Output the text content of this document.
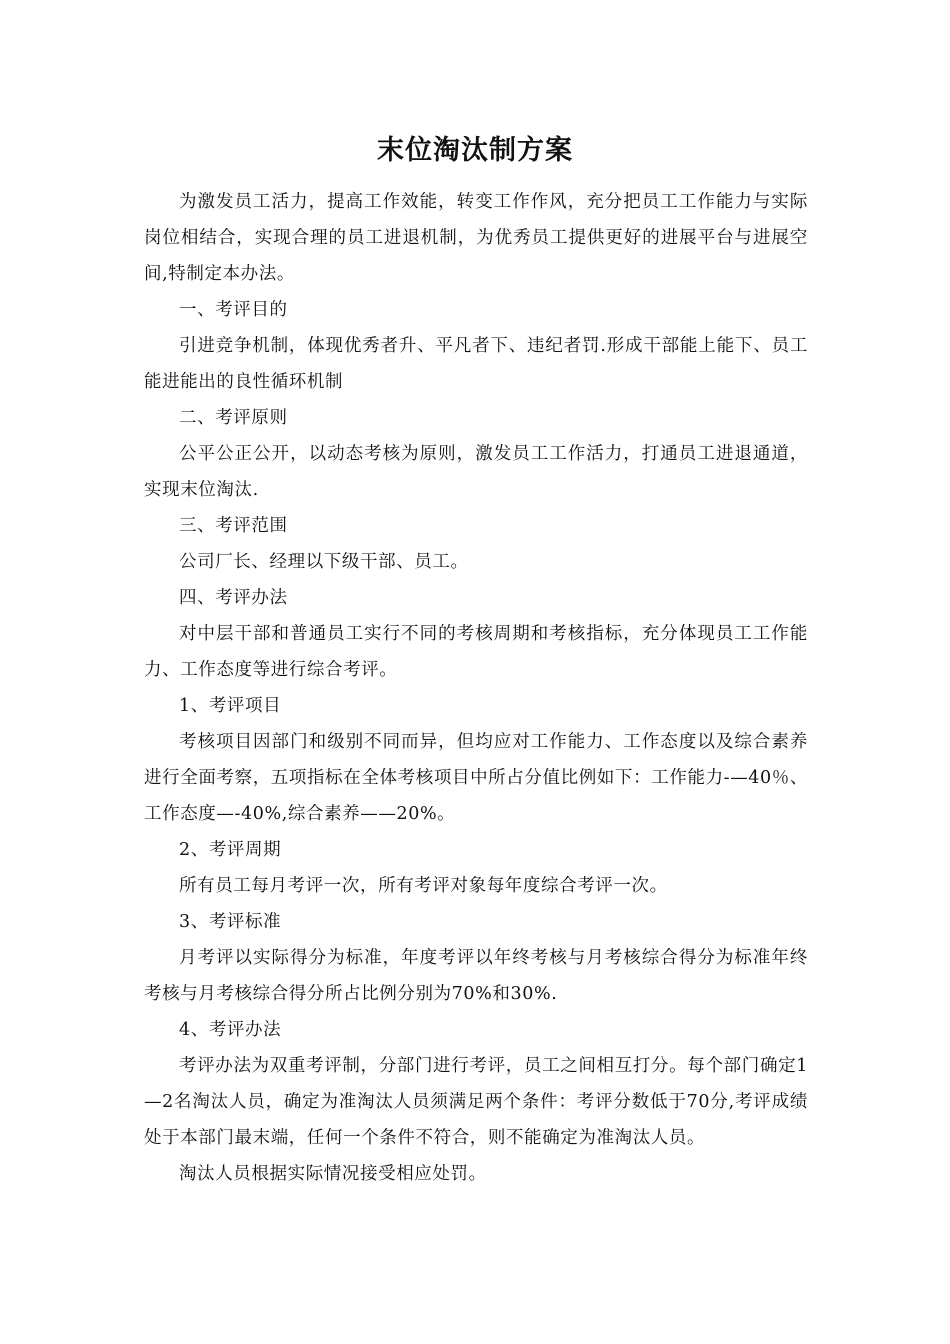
末位淘汰制方案

为激发员工活力，提高工作效能，转变工作作风，充分把员工工作能力与实际岗位相结合，实现合理的员工进退机制，为优秀员工提供更好的进展平台与进展空间,特制定本办法。

一、考评目的

引进竞争机制，体现优秀者升、平凡者下、违纪者罚.形成干部能上能下、员工能进能出的良性循环机制

二、考评原则

公平公正公开，以动态考核为原则，激发员工工作活力，打通员工进退通道，实现末位淘汰.

三、考评范围

公司厂长、经理以下级干部、员工。

四、考评办法

对中层干部和普通员工实行不同的考核周期和考核指标，充分体现员工工作能力、工作态度等进行综合考评。

1、考评项目

考核项目因部门和级别不同而异，但均应对工作能力、工作态度以及综合素养进行全面考察，五项指标在全体考核项目中所占分值比例如下：工作能力-—40％、工作态度—-40%,综合素养——20%。

2、考评周期

所有员工每月考评一次，所有考评对象每年度综合考评一次。

3、考评标准

月考评以实际得分为标准，年度考评以年终考核与月考核综合得分为标准年终考核与月考核综合得分所占比例分别为70%和30%.

4、考评办法

考评办法为双重考评制，分部门进行考评，员工之间相互打分。每个部门确定1—2名淘汰人员，确定为准淘汰人员须满足两个条件：考评分数低于70分,考评成绩处于本部门最末端，任何一个条件不符合，则不能确定为准淘汰人员。

淘汰人员根据实际情况接受相应处罚。
